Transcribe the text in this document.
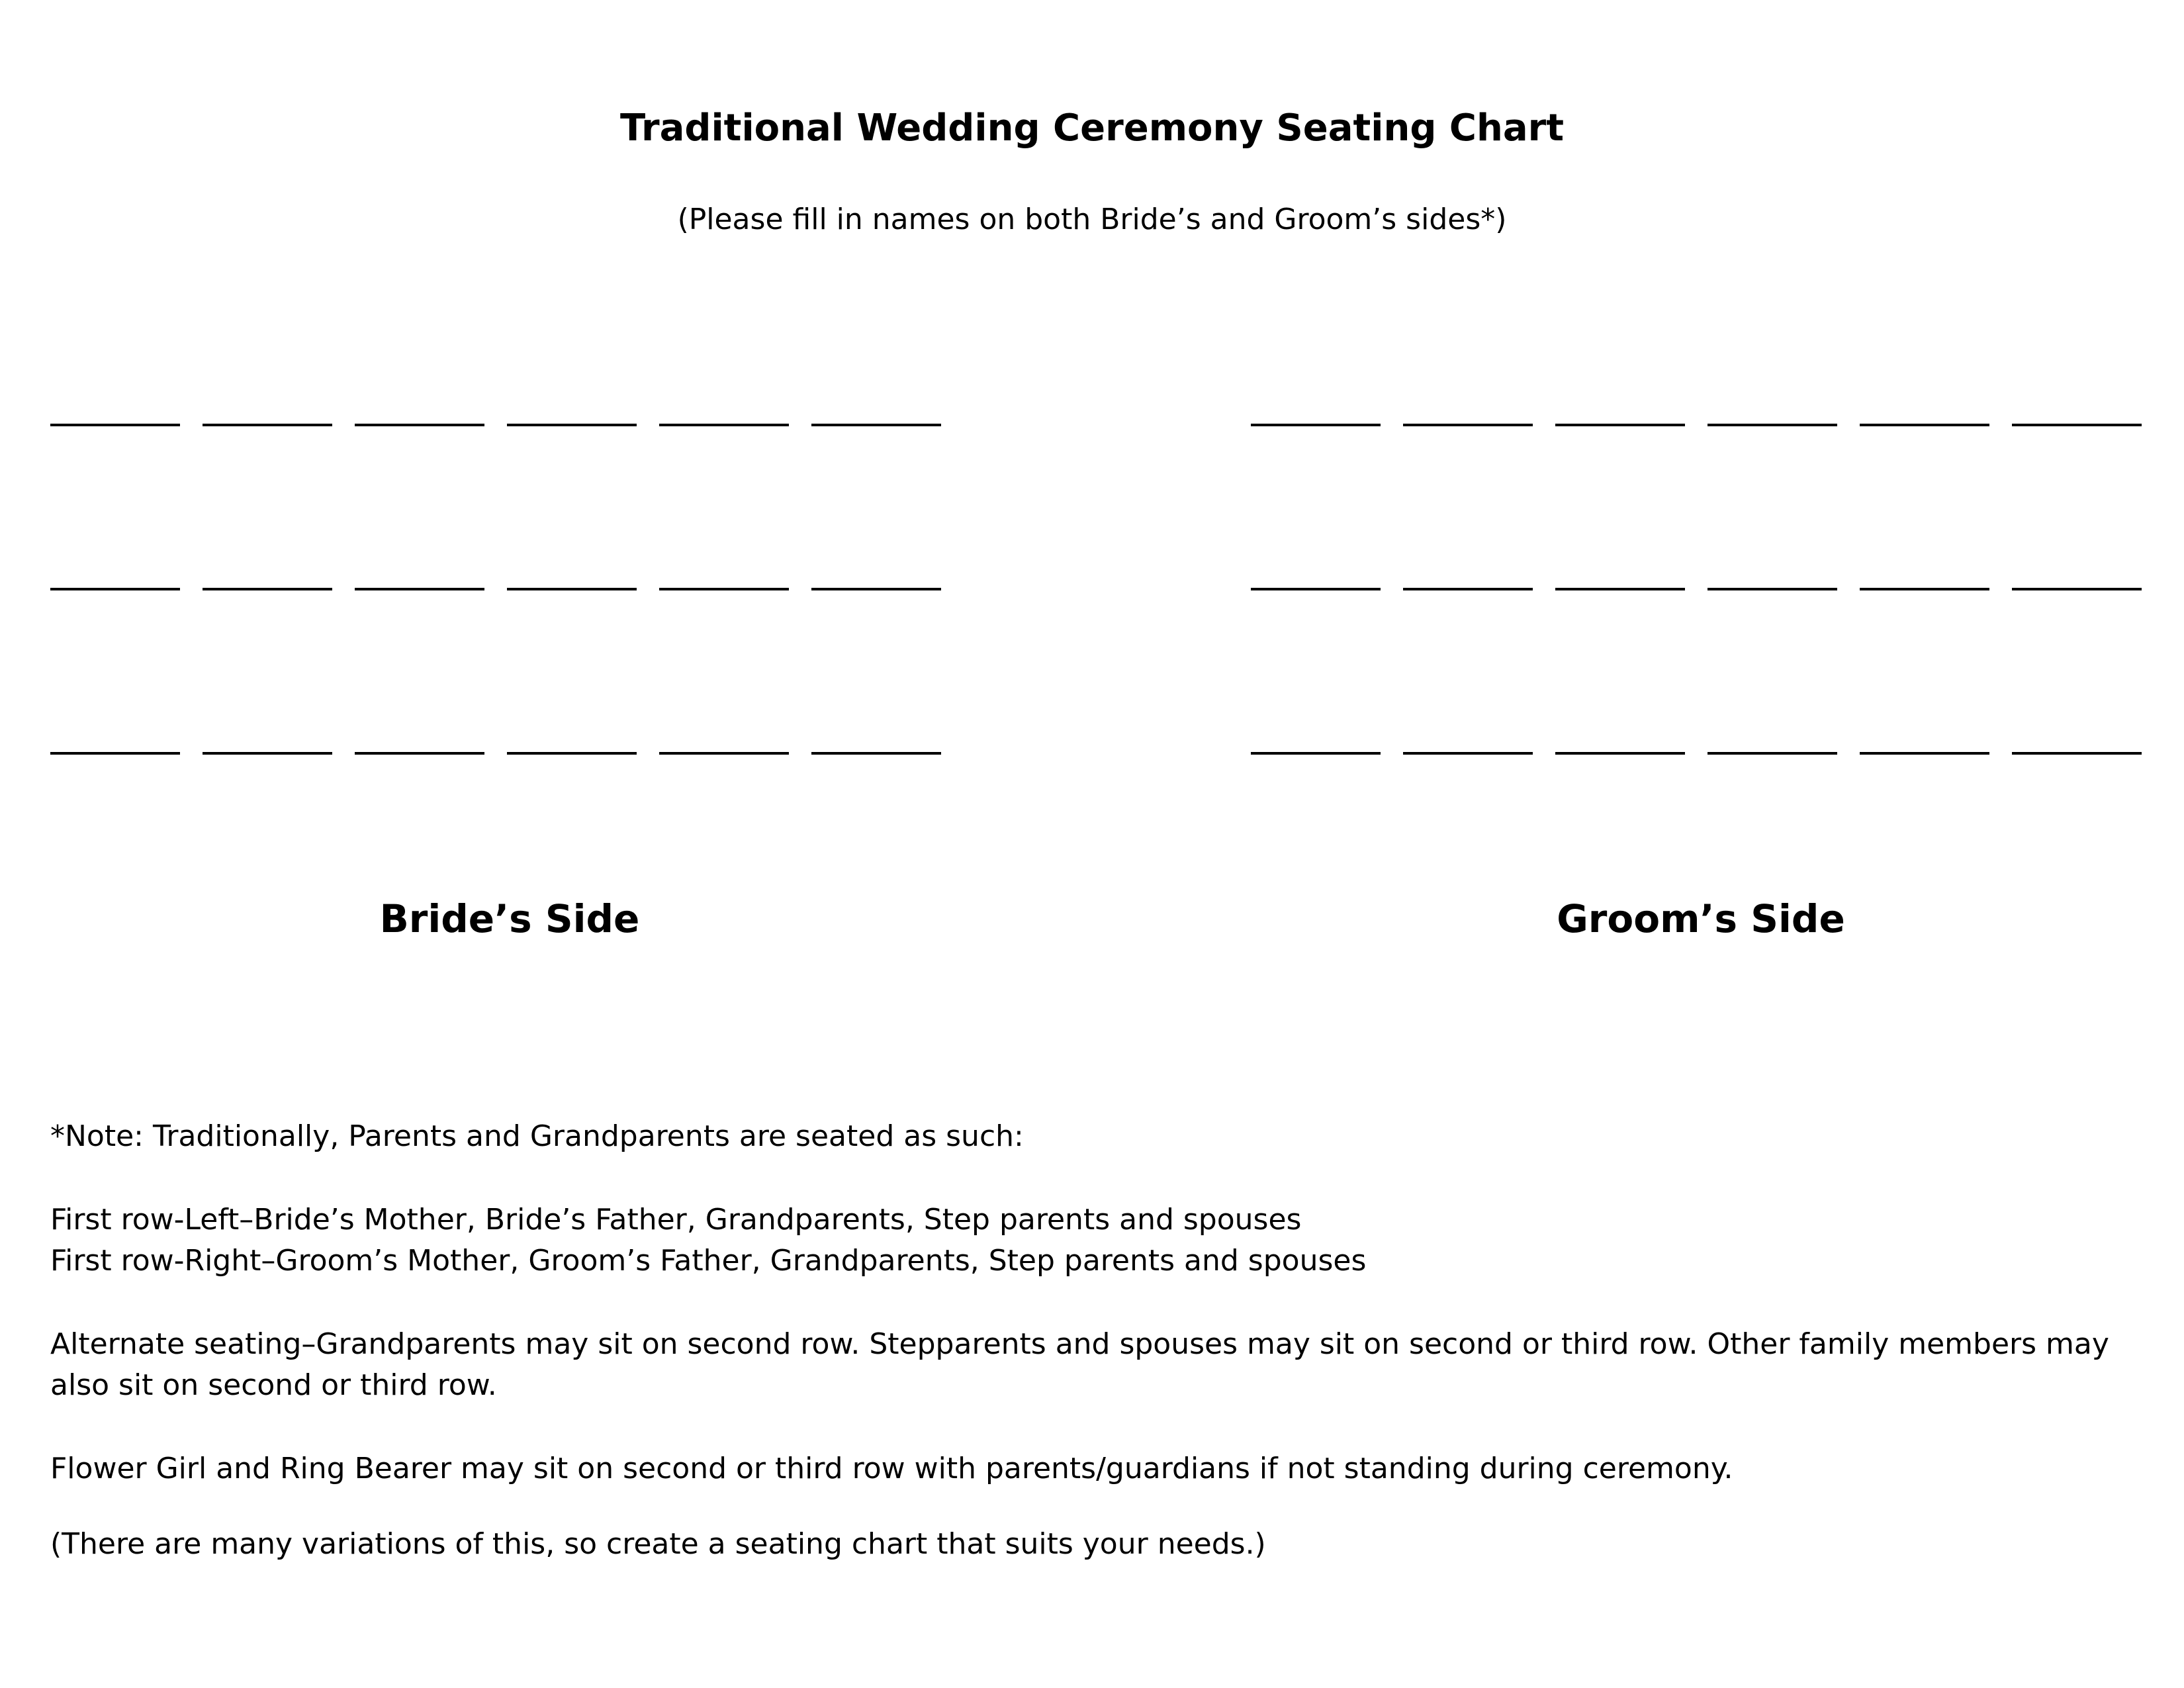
Traditional Wedding Ceremony Seating Chart
(Please fill in names on both Bride’s and Groom’s sides*)
Bride’s Side	Groom’s Side
*Note: Traditionally, Parents and Grandparents are seated as such:
First row-Left–Bride’s Mother, Bride’s Father, Grandparents, Step parents and spouses
First row-Right–Groom’s Mother, Groom’s Father, Grandparents, Step parents and spouses
Alternate seating–Grandparents may sit on second row. Stepparents and spouses may sit on second or third row. Other family members may also sit on second or third row.
Flower Girl and Ring Bearer may sit on second or third row with parents/guardians if not standing during ceremony.
(There are many variations of this, so create a seating chart that suits your needs.)
